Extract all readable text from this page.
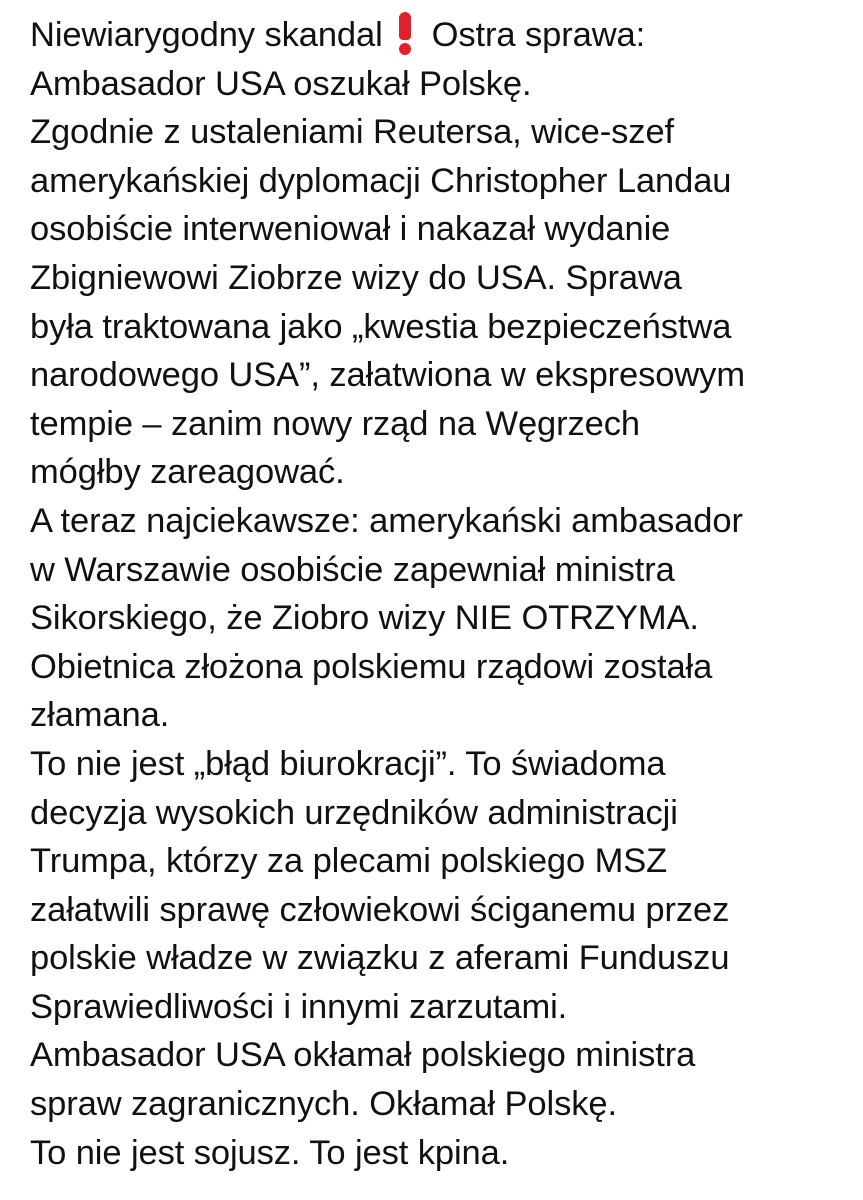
Niewiarygodny skandal Ostra sprawa:
Ambasador USA oszukał Polskę.
Zgodnie z ustaleniami Reutersa, wice-szef
amerykańskiej dyplomacji Christopher Landau
osobiście interweniował i nakazał wydanie
Zbigniewowi Ziobrze wizy do USA. Sprawa
była traktowana jako „kwestia bezpieczeństwa
narodowego USA”, załatwiona w ekspresowym
tempie – zanim nowy rząd na Węgrzech
mógłby zareagować.
A teraz najciekawsze: amerykański ambasador
w Warszawie osobiście zapewniał ministra
Sikorskiego, że Ziobro wizy NIE OTRZYMA.
Obietnica złożona polskiemu rządowi została
złamana.
To nie jest „błąd biurokracji”. To świadoma
decyzja wysokich urzędników administracji
Trumpa, którzy za plecami polskiego MSZ
załatwili sprawę człowiekowi ściganemu przez
polskie władze w związku z aferami Funduszu
Sprawiedliwości i innymi zarzutami.
Ambasador USA okłamał polskiego ministra
spraw zagranicznych. Okłamał Polskę.
To nie jest sojusz. To jest kpina.
